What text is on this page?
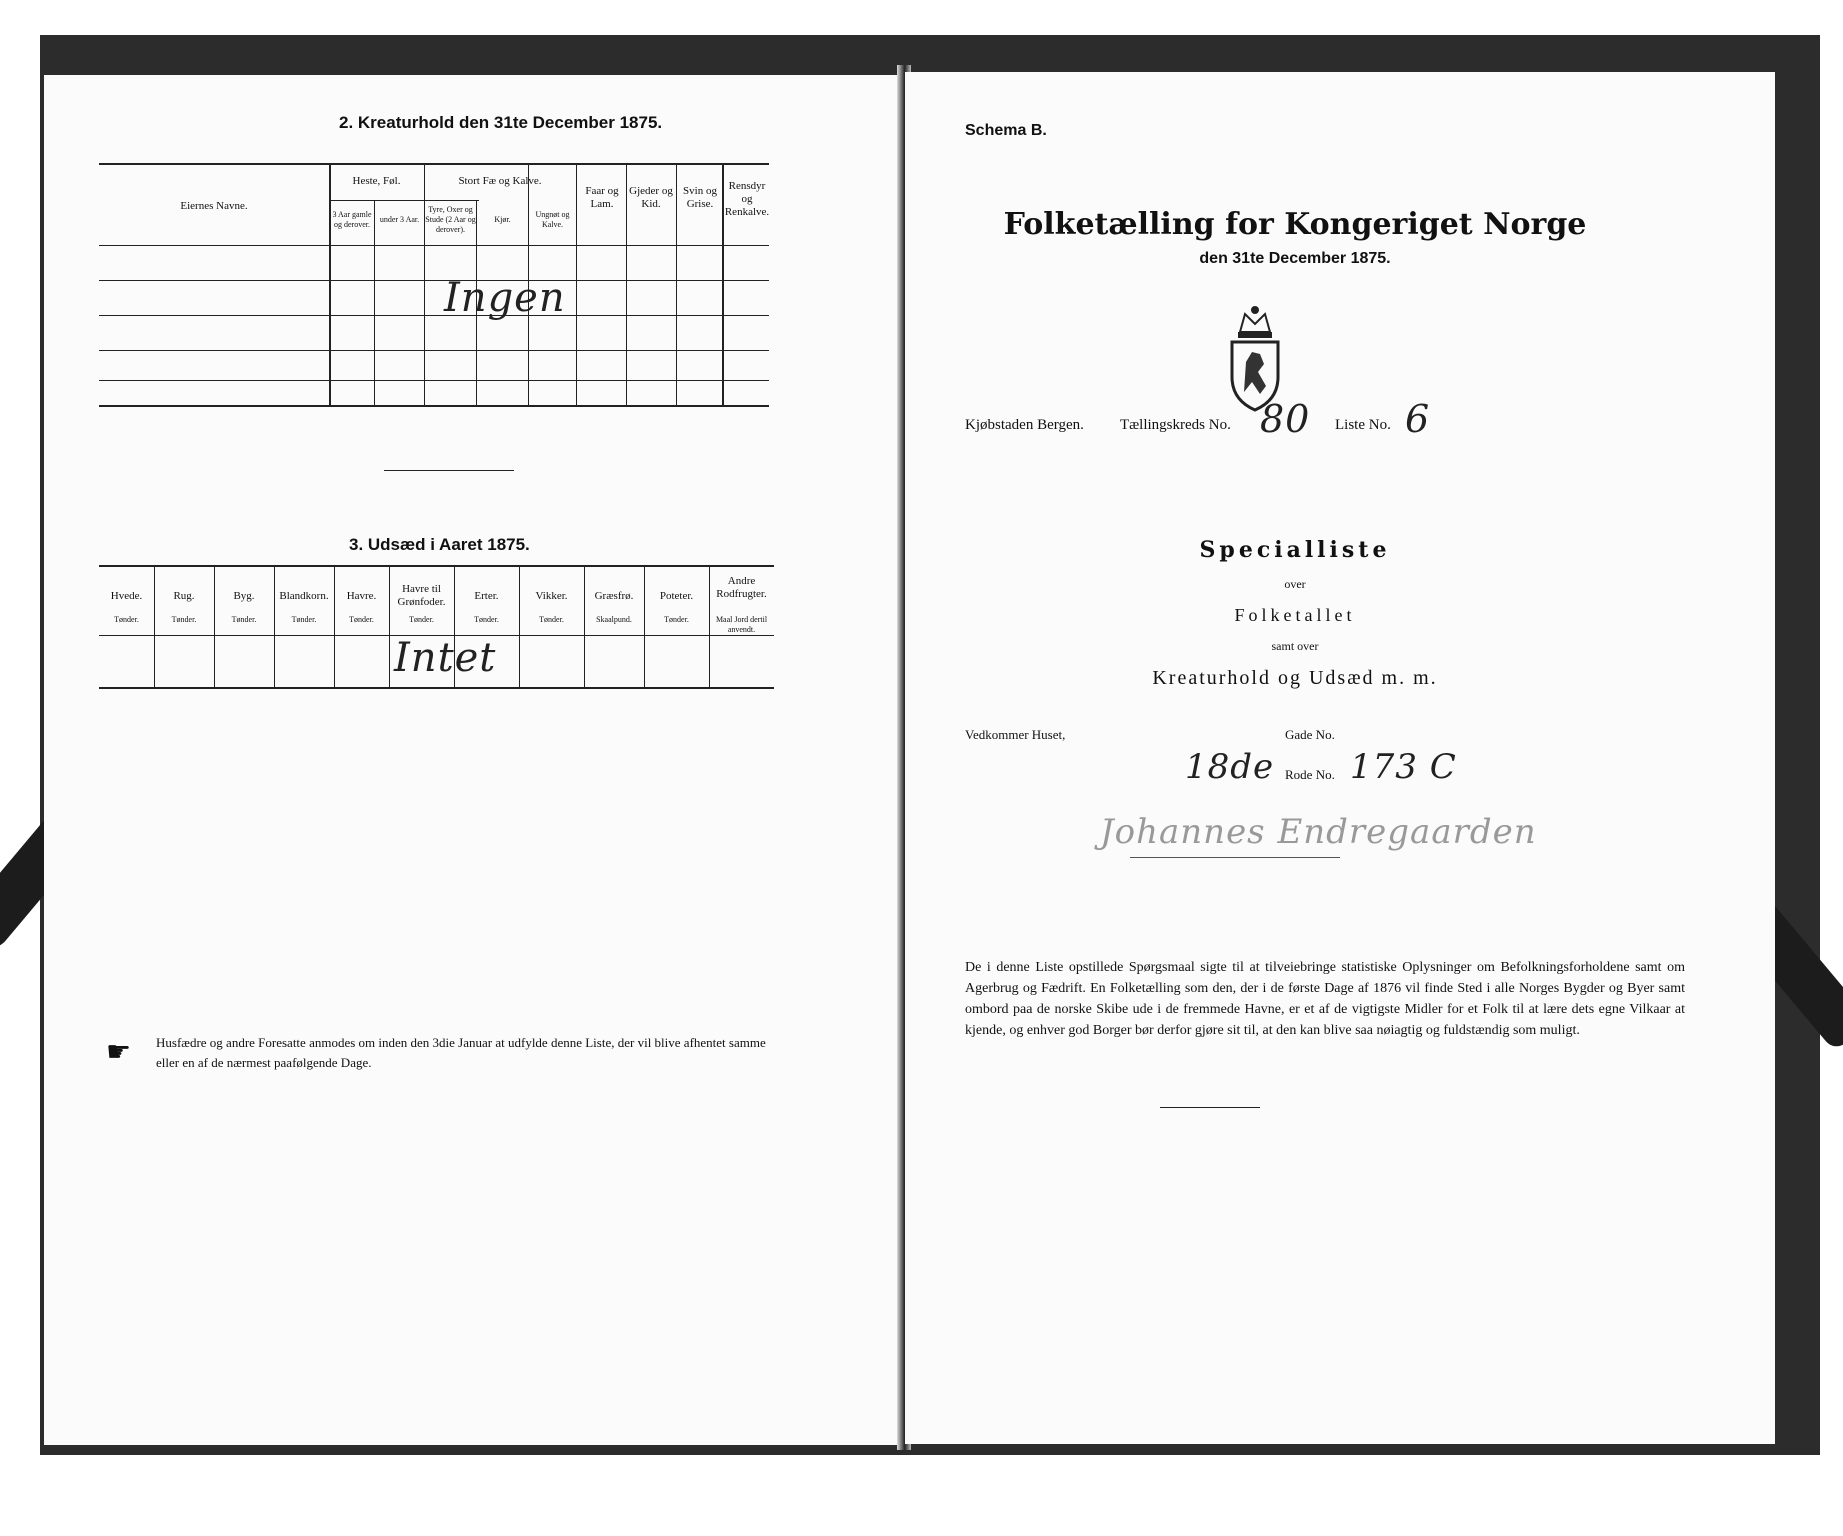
2. Kreaturhold den 31te December 1875.
Eiernes Navne.
Heste, Føl.
3 Aar gamle og derover.
under 3 Aar.
Stort Fæ og Kalve.
Tyre, Oxer og Stude (2 Aar og derover).
Kjør.
Ungnøt og Kalve.
Faar og Lam.
Gjeder og Kid.
Svin og Grise.
Rensdyr og Renkalve.
Ingen
3. Udsæd i Aaret 1875.
Hvede.
Tønder.
Rug.
Tønder.
Byg.
Tønder.
Blandkorn.
Tønder.
Havre.
Tønder.
Havre til Grønfoder.
Tønder.
Erter.
Tønder.
Vikker.
Tønder.
Græsfrø.
Skaalpund.
Poteter.
Tønder.
Andre Rodfrugter.
Maal Jord dertil anvendt.
Intet
☛ Husfædre og andre Foresatte anmodes om inden den 3die Januar at udfylde denne Liste, der vil blive afhentet samme eller en af de nærmest paafølgende Dage.
Schema B.
Folketælling for Kongeriget Norge
den 31te December 1875.
Kjøbstaden Bergen. Tællingskreds No. 80 Liste No. 6
Specialliste
over
Folketallet
samt over
Kreaturhold og Udsæd m. m.
Vedkommer Huset,	Gade No.
18de Rode No. 173 C
Johannes Endregaarden
De i denne Liste opstillede Spørgsmaal sigte til at tilveiebringe statistiske Oplysninger om Befolkningsforholdene samt om Agerbrug og Fædrift. En Folketælling som den, der i de første Dage af 1876 vil finde Sted i alle Norges Bygder og Byer samt ombord paa de norske Skibe ude i de fremmede Havne, er et af de vigtigste Midler for et Folk til at lære dets egne Vilkaar at kjende, og enhver god Borger bør derfor gjøre sit til, at den kan blive saa nøiagtig og fuldstændig som muligt.
